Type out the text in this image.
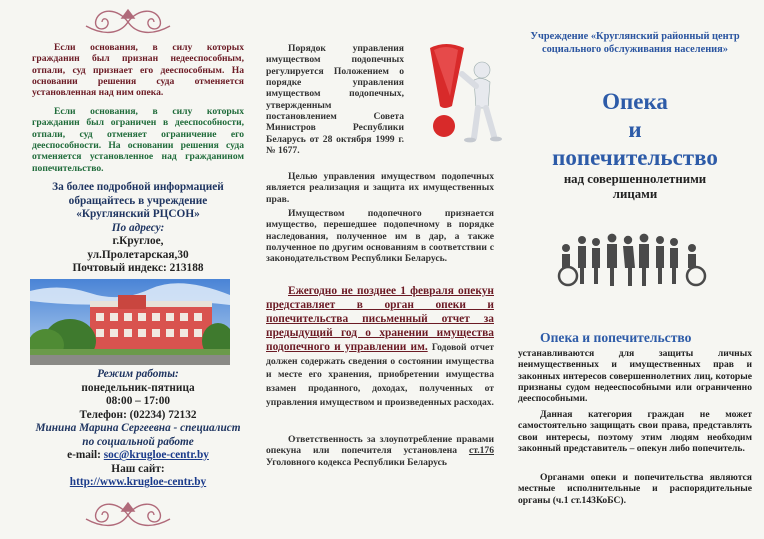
Если основания, в силу которых гражданин был признан недееспособным, отпали, суд признает его дееспособным. На основании решения суда отменяется установленная над ним опека.

Если основания, в силу которых гражданин был ограничен в дееспособности, отпали, суд отменяет ограничение его дееспособности. На основании решения суда отменяется установленное над гражданином попечительство.

За более подробной информацией обращайтесь в учреждение
«Круглянский РЦСОН»
По адресу:
г.Круглое,
ул.Пролетарская,30
Почтовый индекс: 213188
Режим работы:
понедельник-пятница
08:00 – 17:00
Телефон: (02234) 72132
Минина Марина Сергеевна - специалист по социальной работе
e-mail: soc@krugloe-centr.by
Наш сайт:
http://www.krugloe-centr.by

Порядок управления имуществом подопечных регулируется Положением о порядке управления имуществом подопечных, утвержденным постановлением Совета Министров Республики Беларусь от 28 октября 1999 г. № 1677.

Целью управления имуществом подопечных является реализация и защита их имущественных прав.

Имуществом подопечного признается имущество, перешедшее подопечному в порядке наследования, полученное им в дар, а также полученное по другим основаниям в соответствии с законодательством Республики Беларусь.

Ежегодно не позднее 1 февраля опекун представляет в орган опеки и попечительства письменный отчет за предыдущий год о хранении имущества подопечного и управлении им. Годовой отчет должен содержать сведения о состоянии имущества и месте его хранения, приобретении имущества взамен проданного, доходах, полученных от управления имуществом и произведенных расходах.

Ответственность за злоупотребление правами опекуна или попечителя установлена ст.176 Уголовного кодекса Республики Беларусь

Учреждение «Круглянский районный центр социального обслуживания населения»

Опека
и
попечительство
над совершеннолетними
лицами
Опека и попечительство

устанавливаются для защиты личных неимущественных и имущественных прав и законных интересов совершеннолетних лиц, которые признаны судом недееспособными или ограниченно дееспособными.

Данная категория граждан не может самостоятельно защищать свои права, представлять свои интересы, поэтому этим людям необходим законный представитель – опекун либо попечитель.

Органами опеки и попечительства являются местные исполнительные и распорядительные органы (ч.1 ст.143КоБС).
